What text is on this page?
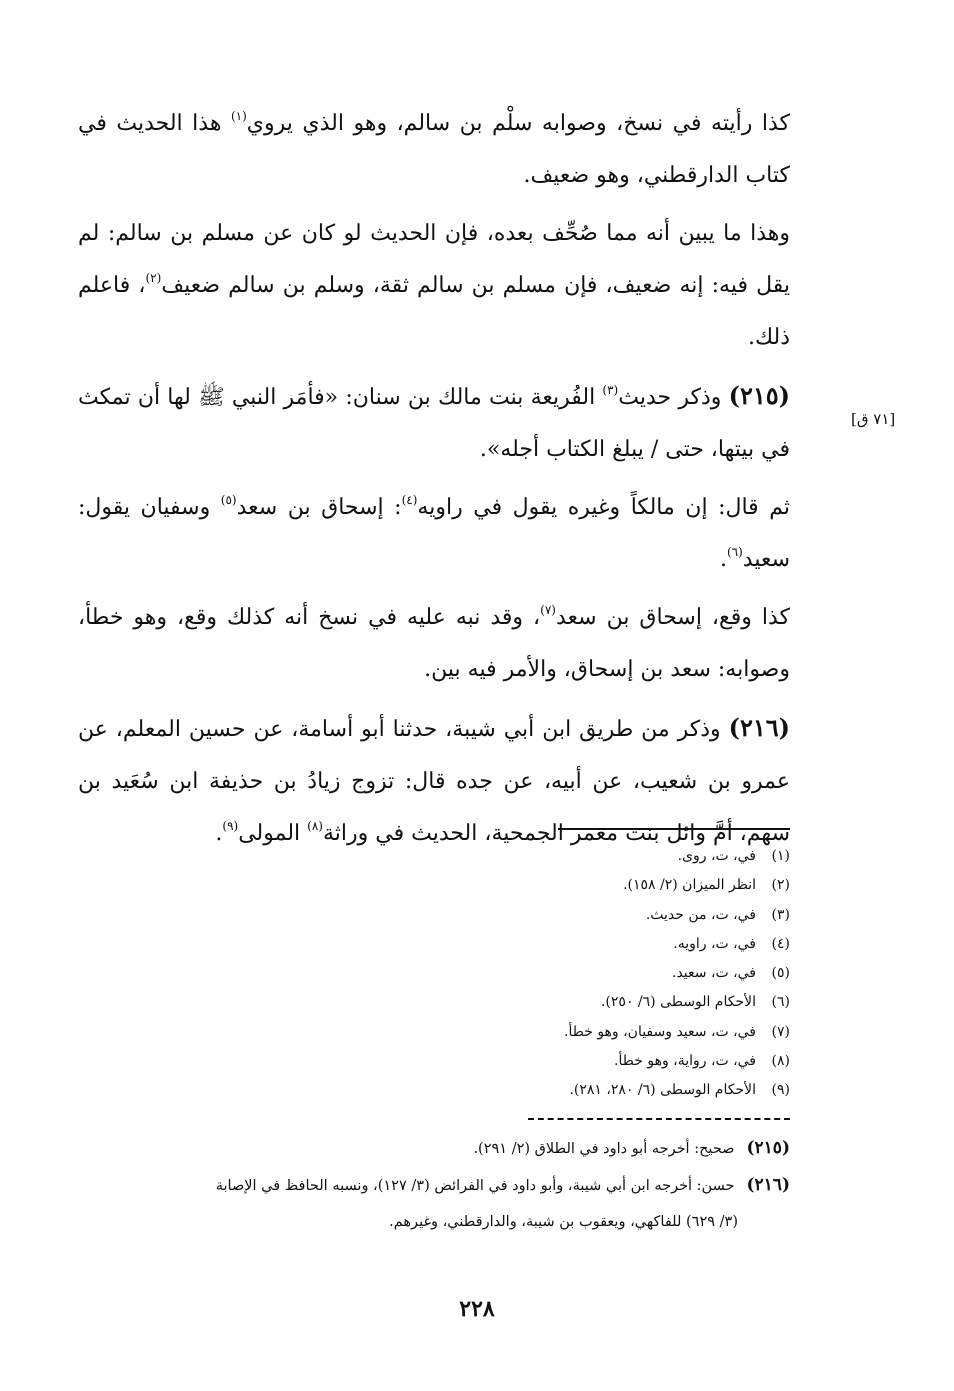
كذا رأيته في نسخ، وصوابه سلْم بن سالم، وهو الذي يروي$^{(١)}$ هذا الحديث في كتاب الدارقطني، وهو ضعيف.

وهذا ما يبين أنه مما صُحِّف بعده، فإن الحديث لو كان عن مسلم بن سالم: لم يقل فيه: إنه ضعيف، فإن مسلم بن سالم ثقة، وسلم بن سالم ضعيف$^{(٢)}$، فاعلم ذلك.

(٢١٥) وذكر حديث$^{(٣)}$ الفُريعة بنت مالك بن سنان: «فأمَر النبي ﷺ لها أن تمكث في بيتها، حتى / يبلغ الكتاب أجله».

ثم قال: إن مالكاً وغيره يقول في راويه$^{(٤)}$: إسحاق بن سعد$^{(٥)}$ وسفيان يقول: سعيد$^{(٦)}$.

كذا وقع، إسحاق بن سعد$^{(٧)}$، وقد نبه عليه في نسخ أنه كذلك وقع، وهو خطأ، وصوابه: سعد بن إسحاق، والأمر فيه بين.

(٢١٦) وذكر من طريق ابن أبي شيبة، حدثنا أبو أسامة، عن حسين المعلم، عن عمرو بن شعيب، عن أبيه، عن جده قال: تزوج زيادُ بن حذيفة ابن سُعَيد بن سهم، أمَّ وائل بنت معمر الجمحية، الحديث في وراثة$^{(٨)}$ المولى$^{(٩)}$.

[٧١ ق]
(١)في، ت، روى.
(٢)انظر الميزان (٢/ ١٥٨).
(٣)في، ت، من حديث.
(٤)في، ت، راويه.
(٥)في، ت، سعيد.
(٦)الأحكام الوسطى (٦/ ٢٥٠).
(٧)في، ت، سعيد وسفيان، وهو خطأ.
(٨)في، ت، رواية، وهو خطأ.
(٩)الأحكام الوسطى (٦/ ٢٨٠، ٢٨١).

(٢١٥)صحيح: أخرجه أبو داود في الطلاق (٢/ ٢٩١).

(٢١٦)حسن: أخرجه ابن أبي شيبة، وأبو داود في الفرائض (٣/ ١٢٧)، ونسبه الحافظ في الإصابة

(٣/ ٦٢٩) للفاكهي، ويعقوب بن شيبة، والدارقطني، وغيرهم.

٢٢٨
